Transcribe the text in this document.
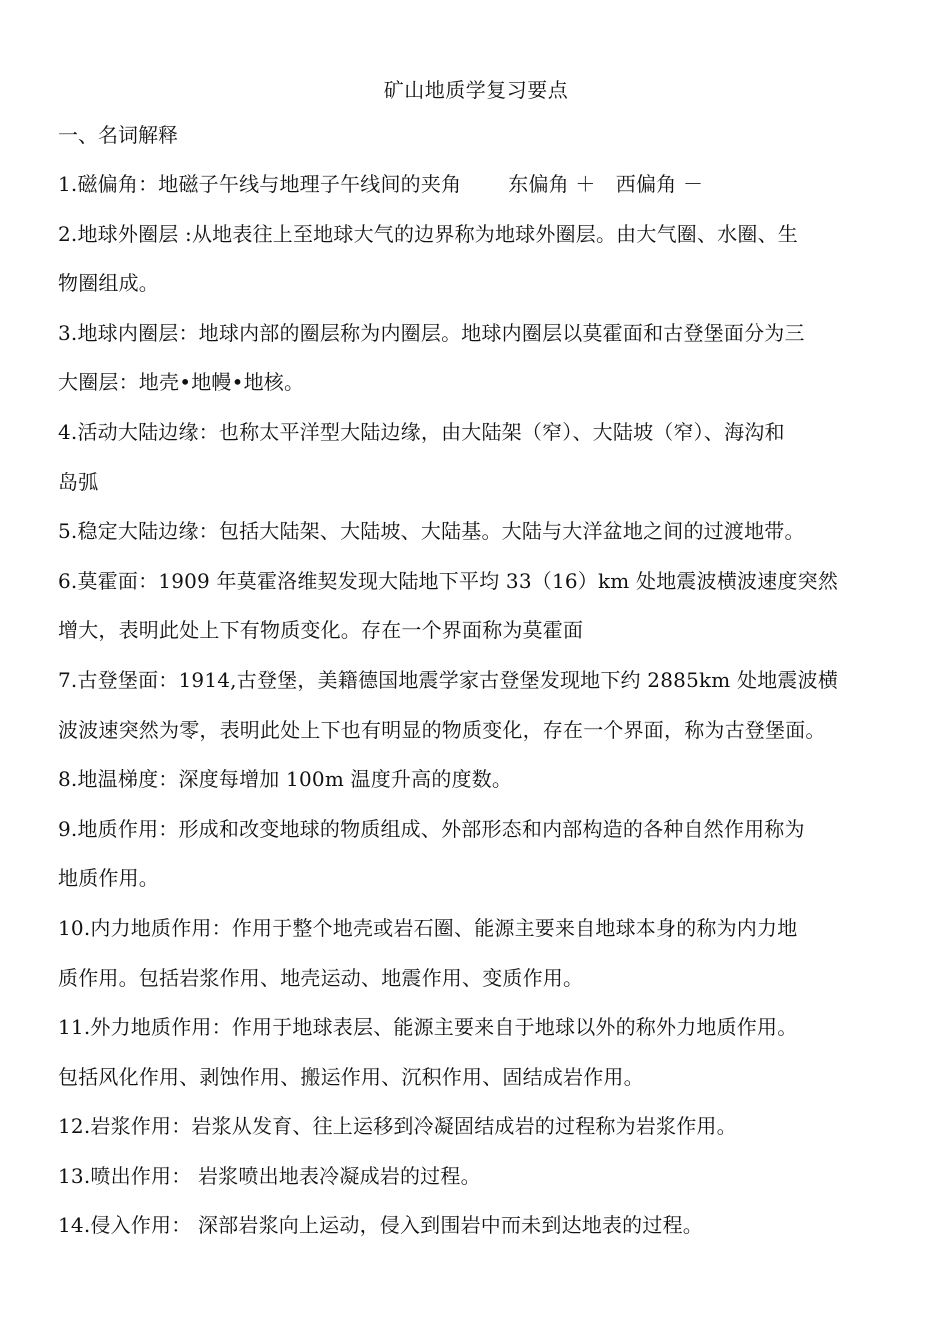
矿山地质学复习要点
一、名词解释
1.磁偏角：地磁子午线与地理子午线间的夹角　　 东偏角 ＋　西偏角 －
2.地球外圈层 :从地表往上至地球大气的边界称为地球外圈层。由大气圈、水圈、生
物圈组成。
3.地球内圈层：地球内部的圈层称为内圈层。地球内圈层以莫霍面和古登堡面分为三
大圈层：地壳•地幔•地核。
4.活动大陆边缘：也称太平洋型大陆边缘，由大陆架（窄）、大陆坡（窄）、海沟和
岛弧
5.稳定大陆边缘：包括大陆架、大陆坡、大陆基。大陆与大洋盆地之间的过渡地带。
6.莫霍面：1909 年莫霍洛维契发现大陆地下平均 33（16）km 处地震波横波速度突然
增大，表明此处上下有物质变化。存在一个界面称为莫霍面
7.古登堡面：1914,古登堡，美籍德国地震学家古登堡发现地下约 2885km 处地震波横
波波速突然为零，表明此处上下也有明显的物质变化，存在一个界面，称为古登堡面。
8.地温梯度：深度每增加 100m 温度升高的度数。
9.地质作用：形成和改变地球的物质组成、外部形态和内部构造的各种自然作用称为
地质作用。
10.内力地质作用：作用于整个地壳或岩石圈、能源主要来自地球本身的称为内力地
质作用。包括岩浆作用、地壳运动、地震作用、变质作用。
11.外力地质作用：作用于地球表层、能源主要来自于地球以外的称外力地质作用。
包括风化作用、剥蚀作用、搬运作用、沉积作用、固结成岩作用。
12.岩浆作用：岩浆从发育、往上运移到冷凝固结成岩的过程称为岩浆作用。
13.喷出作用： 岩浆喷出地表冷凝成岩的过程。
14.侵入作用： 深部岩浆向上运动，侵入到围岩中而未到达地表的过程。
